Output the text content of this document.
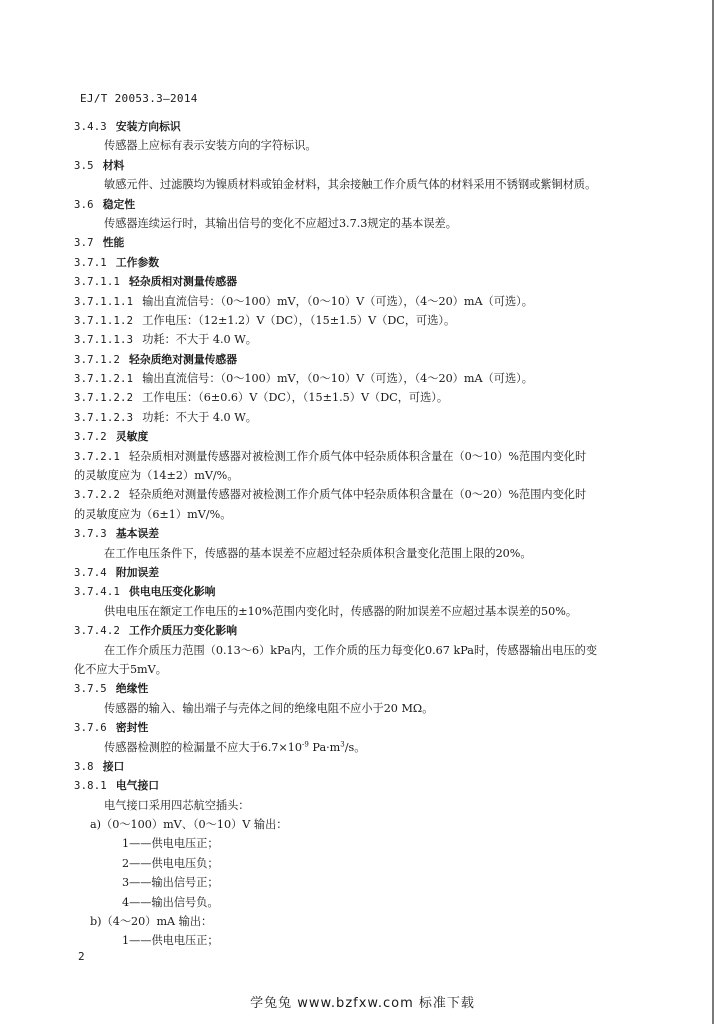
EJ/T 20053.3—2014
3.4.3 安装方向标识
传感器上应标有表示安装方向的字符标识。
3.5 材料
敏感元件、过滤膜均为镍质材料或铂金材料，其余接触工作介质气体的材料采用不锈钢或紫铜材质。
3.6 稳定性
传感器连续运行时，其输出信号的变化不应超过3.7.3规定的基本误差。
3.7 性能
3.7.1 工作参数
3.7.1.1 轻杂质相对测量传感器
3.7.1.1.1 输出直流信号：（0～100）mV，（0～10）V（可选），（4～20）mA（可选）。
3.7.1.1.2 工作电压：（12±1.2）V（DC），（15±1.5）V（DC，可选）。
3.7.1.1.3 功耗：不大于 4.0 W。
3.7.1.2 轻杂质绝对测量传感器
3.7.1.2.1 输出直流信号：（0～100）mV，（0～10）V（可选），（4～20）mA（可选）。
3.7.1.2.2 工作电压：（6±0.6）V（DC），（15±1.5）V（DC，可选）。
3.7.1.2.3 功耗：不大于 4.0 W。
3.7.2 灵敏度
3.7.2.1 轻杂质相对测量传感器对被检测工作介质气体中轻杂质体积含量在（0～10）%范围内变化时
的灵敏度应为（14±2）mV/%。
3.7.2.2 轻杂质绝对测量传感器对被检测工作介质气体中轻杂质体积含量在（0～20）%范围内变化时
的灵敏度应为（6±1）mV/%。
3.7.3 基本误差
在工作电压条件下，传感器的基本误差不应超过轻杂质体积含量变化范围上限的20%。
3.7.4 附加误差
3.7.4.1 供电电压变化影响
供电电压在额定工作电压的±10%范围内变化时，传感器的附加误差不应超过基本误差的50%。
3.7.4.2 工作介质压力变化影响
在工作介质压力范围（0.13～6）kPa内，工作介质的压力每变化0.67 kPa时，传感器输出电压的变
化不应大于5mV。
3.7.5 绝缘性
传感器的输入、输出端子与壳体之间的绝缘电阻不应小于20 MΩ。
3.7.6 密封性
传感器检测腔的检漏量不应大于$6.7\times 10^{-9}$ $Pa\cdot m^3/s$。
3.8 接口
3.8.1 电气接口
电气接口采用四芯航空插头：
a)（0～100）mV、（0～10）V 输出：
1——供电电压正；
2——供电电压负；
3——输出信号正；
4——输出信号负。
b)（4～20）mA 输出：
1——供电电压正；
2
学兔兔 www.bzfxw.com 标准下载
